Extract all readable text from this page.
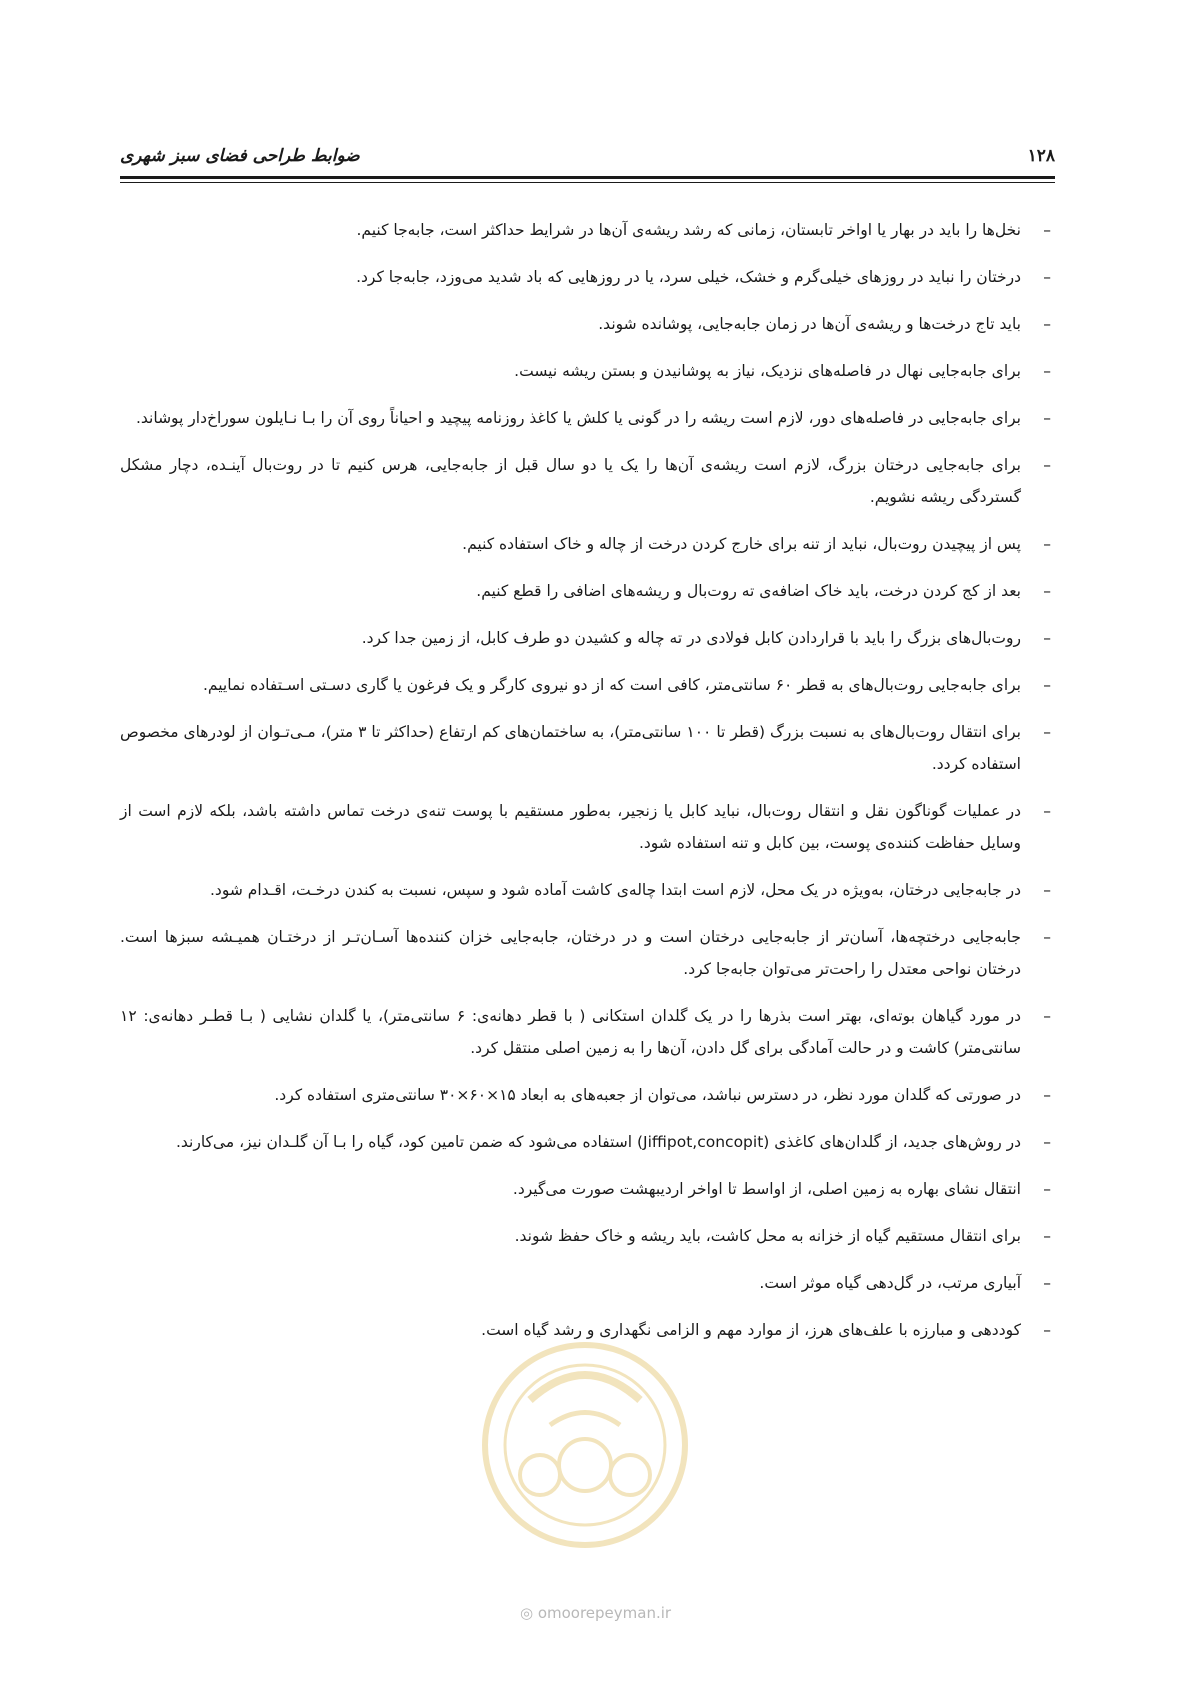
ضوابط طراحی فضای سبز شهری	۱۲۸
–
نخل‌ها را باید در بهار یا اواخر تابستان، زمانی که رشد ریشه‌ی آن‌ها در شرایط حداکثر است، جابه‌جا کنیم.
–
درختان را نباید در روزهای خیلی‌گرم و خشک، خیلی سرد، یا در روزهایی که باد شدید می‌وزد، جابه‌جا کرد.
–
باید تاج درخت‌ها و ریشه‌ی آن‌ها در زمان جابه‌جایی، پوشانده شوند.
–
برای جابه‌جایی نهال در فاصله‌های نزدیک، نیاز به پوشانیدن و بستن ریشه نیست.
–
برای جابه‌جایی در فاصله‌های دور، لازم است ریشه را در گونی یا کلش یا کاغذ روزنامه پیچید و احیاناً روی آن را بـا نـایلون سوراخ‌دار پوشاند.
–
برای جابه‌جایی درختان بزرگ، لازم است ریشه‌ی آن‌ها را یک یا دو سال قبل از جابه‌جایی، هرس کنیم تا در روت‌بال آینـده، دچار مشکل گستردگی ریشه نشویم.
–
پس از پیچیدن روت‌بال، نباید از تنه برای خارج کردن درخت از چاله و خاک استفاده کنیم.
–
بعد از کج کردن درخت، باید خاک اضافه‌ی ته روت‌بال و ریشه‌های اضافی را قطع کنیم.
–
روت‌بال‌های بزرگ را باید با قراردادن کابل فولادی در ته چاله و کشیدن دو طرف کابل، از زمین جدا کرد.
–
برای جابه‌جایی روت‌بال‌های به قطر ۶۰ سانتی‌متر، کافی است که از دو نیروی کارگر و یک فرغون یا گاری دسـتی اسـتفاده نماییم.
–
برای انتقال روت‌بال‌های به نسبت بزرگ (قطر تا ۱۰۰ سانتی‌متر)، به ساختمان‌های کم ارتفاع (حداکثر تا ۳ متر)، مـی‌تـوان از لودرهای مخصوص استفاده کردد.
–
در عملیات گوناگون نقل و انتقال روت‌بال، نباید کابل یا زنجیر، به‌طور مستقیم با پوست تنه‌ی درخت تماس داشته باشد، بلکه لازم است از وسایل حفاظت کننده‌ی پوست، بین کابل و تنه استفاده شود.
–
در جابه‌جایی درختان، به‌ویژه در یک محل، لازم است ابتدا چاله‌ی کاشت آماده شود و سپس، نسبت به کندن درخـت، اقـدام شود.
–
جابه‌جایی درختچه‌ها، آسان‌تر از جابه‌جایی درختان است و در درختان، جابه‌جایی خزان کننده‌ها آسـان‌تـر از درختـان همیـشه سبزها است. درختان نواحی معتدل را راحت‌تر می‌توان جابه‌جا کرد.
–
در مورد گیاهان بوته‌ای، بهتر است بذرها را در یک گلدان استکانی ( با قطر دهانه‌ی: ۶ سانتی‌متر)، یا گلدان نشایی ( بـا قطـر دهانه‌ی: ۱۲ سانتی‌متر) کاشت و در حالت آمادگی برای گل دادن، آن‌ها را به زمین اصلی منتقل کرد.
–
در صورتی که گلدان مورد نظر، در دسترس نباشد، می‌توان از جعبه‌های به ابعاد ۱۵×۶۰×۳۰ سانتی‌متری استفاده کرد.
–
در روش‌های جدید، از گلدان‌های کاغذی (Jiffipot,concopit) استفاده می‌شود که ضمن تامین کود، گیاه را بـا آن گلـدان نیز، می‌کارند.
–
انتقال نشای بهاره به زمین اصلی، از اواسط تا اواخر اردیبهشت صورت می‌گیرد.
–
برای انتقال مستقیم گیاه از خزانه به محل کاشت، باید ریشه و خاک حفظ شوند.
–
آبیاری مرتب، در گل‌دهی گیاه موثر است.
–
کوددهی و مبارزه با علف‌های هرز، از موارد مهم و الزامی نگهداری و رشد گیاه است.
◎ omoorepeyman.ir
